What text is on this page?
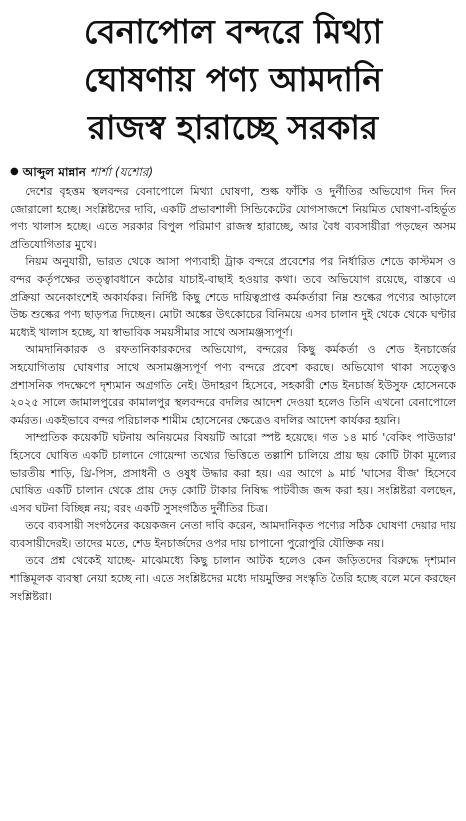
বেনাপোল বন্দরে মিথ্যা
ঘোষণায় পণ্য আমদানি
রাজস্ব হারাচ্ছে সরকার
● আব্দুল মান্নান শার্শা (যশোর)

দেশের বৃহত্তম স্থলবন্দর বেনাপোলে মিথ্যা ঘোষণা, শুল্ক ফাঁকি ও দুর্নীতির অভিযোগ দিন দিন জোরালো হচ্ছে। সংশ্লিষ্টদের দাবি, একটি প্রভাবশালী সিন্ডিকেটের যোগসাজশে নিয়মিত ঘোষণা-বহির্ভূত পণ্য খালাস হচ্ছে। এতে সরকার বিপুল পরিমাণ রাজস্ব হারাচ্ছে, আর বৈধ ব্যবসায়ীরা পড়ছেন অসম প্রতিযোগিতার মুখে।

নিয়ম অনুযায়ী, ভারত থেকে আসা পণ্যবাহী ট্রাক বন্দরে প্রবেশের পর নির্ধারিত শেডে কাস্টমস ও বন্দর কর্তৃপক্ষের তত্ত্বাবধানে কঠোর যাচাই-বাছাই হওয়ার কথা। তবে অভিযোগ রয়েছে, বাস্তবে এ প্রক্রিয়া অনেকাংশেই অকার্যকর। নির্দিষ্ট কিছু শেডে দায়িত্বপ্রাপ্ত কর্মকর্তারা নিম্ন শুল্কের পণ্যের আড়ালে উচ্চ শুল্কের পণ্য ছাড়পত্র দিচ্ছেন। মোটা অঙ্কের উৎকোচের বিনিময়ে এসব চালান দুই থেকে থেকে ঘণ্টার মধ্যেই খালাস হচ্ছে, যা স্বাভাবিক সময়সীমার সাথে অসামঞ্জস্যপূর্ণ।

আমদানিকারক ও রফতানিকারকদের অভিযোগ, বন্দরের কিছু কর্মকর্তা ও শেড ইনচার্জের সহযোগিতায় ঘোষণার সাথে অসামঞ্জস্যপূর্ণ পণ্য বন্দরে প্রবেশ করছে। অভিযোগ থাকা সত্ত্বেও প্রশাসনিক পদক্ষেপে দৃশ্যমান অগ্রগতি নেই। উদাহরণ হিসেবে, সহকারী শেড ইনচার্জ ইউসুফ হোসেনকে ২০২৫ সালে জামালপুরের কামালপুর স্থলবন্দরে বদলির আদেশ দেওয়া হলেও তিনি এখনো বেনাপোলে কর্মরত। একইভাবে বন্দর পরিচালক শামীম হোসেনের ক্ষেত্রেও বদলির আদেশ কার্যকর হয়নি।

সাম্প্রতিক কয়েকটি ঘটনায় অনিয়মের বিষয়টি আরো স্পষ্ট হয়েছে। গত ১৪ মার্চ 'বেকিং পাউডার' হিসেবে ঘোষিত একটি চালানে গোয়েন্দা তথ্যের ভিত্তিতে তল্লাশি চালিয়ে প্রায় ছয় কোটি টাকা মূল্যের ভারতীয় শাড়ি, থ্রি-পিস, প্রসাধনী ও ওষুধ উদ্ধার করা হয়। এর আগে ৯ মার্চ 'ঘাসের বীজ' হিসেবে ঘোষিত একটি চালান থেকে প্রায় দেড় কোটি টাকার নিষিদ্ধ পাটবীজ জব্দ করা হয়। সংশ্লিষ্টরা বলছেন, এসব ঘটনা বিচ্ছিন্ন নয়; বরং একটি সুসংগঠিত দুর্নীতির চিত্র।

তবে ব্যবসায়ী সংগঠনের কয়েকজন নেতা দাবি করেন, আমদানিকৃত পণ্যের সঠিক ঘোষণা দেয়ার দায় ব্যবসায়ীদেরই। তাদের মতে, শেড ইনচার্জদের ওপর দায় চাপানো পুরোপুরি যৌক্তিক নয়।

তবে প্রশ্ন থেকেই যাচ্ছে- মাঝেমধ্যে কিছু চালান আটক হলেও কেন জড়িতদের বিরুদ্ধে দৃশ্যমান শাস্তিমূলক ব্যবস্থা নেয়া হচ্ছে না। এতে সংশ্লিষ্টদের মধ্যে দায়মুক্তির সংস্কৃতি তৈরি হচ্ছে বলে মনে করছেন সংশ্লিষ্টরা।
